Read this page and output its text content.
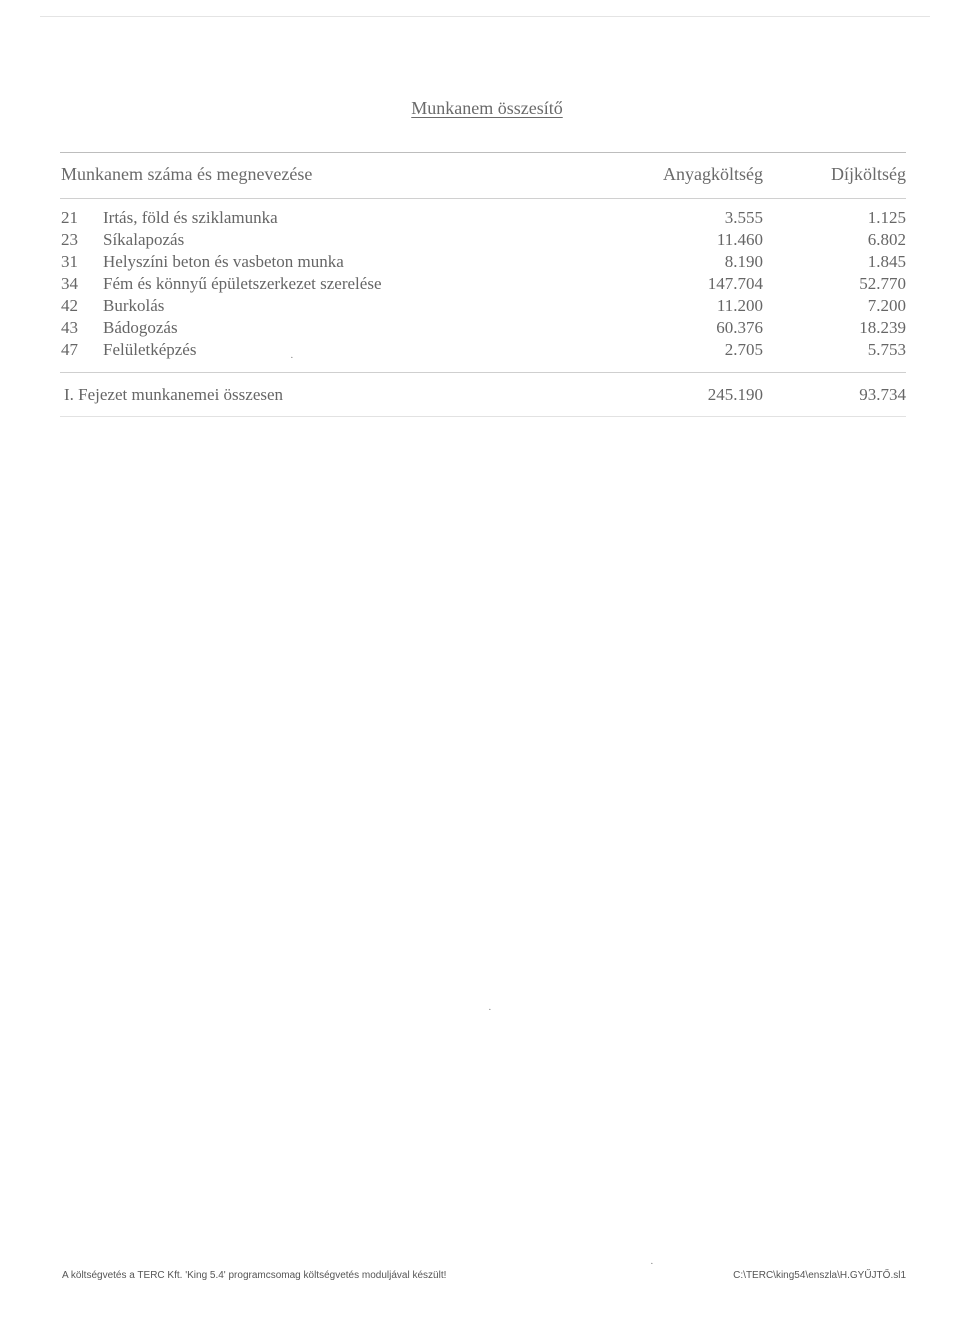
Munkanem összesítő
Munkanem száma és megnevezése	Anyagköltség	Díjköltség
21 Irtás, föld és sziklamunka	3.555	1.125
23 Síkalapozás	11.460	6.802
31 Helyszíni beton és vasbeton munka	8.190	1.845
34 Fém és könnyű épületszerkezet szerelése	147.704	52.770
42 Burkolás	11.200	7.200
43 Bádogozás	60.376	18.239
47 Felületképzés	2.705	5.753
·
I. Fejezet munkanemei összesen	245.190	93.734
·
·
A költségvetés a TERC Kft. 'King 5.4' programcsomag költségvetés moduljával készült!	C:\TERC\king54\enszla\H.GYŰJTŐ.sl1
